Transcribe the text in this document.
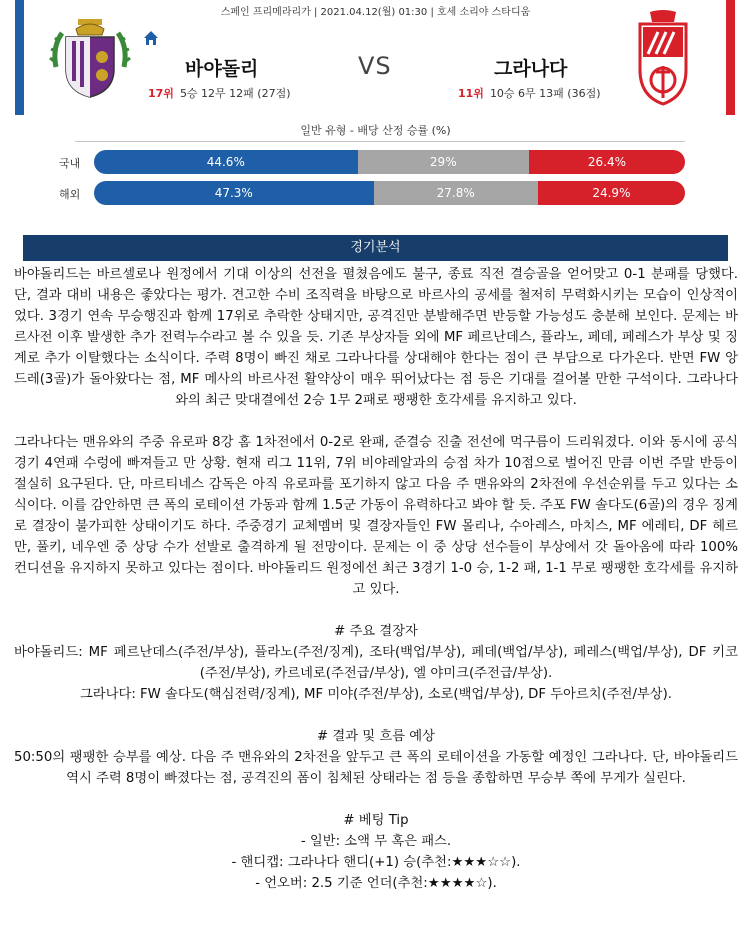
스페인 프리메라리가 | 2021.04.12(월) 01:30 | 호세 소리야 스타디움
바야돌리	VS	그라나다
17위 5승 12무 12패 (27점)	11위 10승 6무 13패 (36점)
일반 유형 - 배당 산정 승률 (%)
국내	44.6%	29%	26.4%
해외	47.3%	27.8%	24.9%
경기분석

바야돌리드는 바르셀로나 원정에서 기대 이상의 선전을 펼쳤음에도 불구, 종료 직전 결승골을 얻어맞고 0-1 분패를 당했다. 단, 결과 대비 내용은 좋았다는 평가. 견고한 수비 조직력을 바탕으로 바르사의 공세를 철저히 무력화시키는 모습이 인상적이었다. 3경기 연속 무승행진과 함께 17위로 추락한 상태지만, 공격진만 분발해주면 반등할 가능성도 충분해 보인다. 문제는 바르사전 이후 발생한 추가 전력누수라고 볼 수 있을 듯. 기존 부상자들 외에 MF 페르난데스, 플라노, 페데, 페레스가 부상 및 징계로 추가 이탈했다는 소식이다. 주력 8명이 빠진 채로 그라나다를 상대해야 한다는 점이 큰 부담으로 다가온다. 반면 FW 앙드레(3골)가 돌아왔다는 점, MF 메사의 바르사전 활약상이 매우 뛰어났다는 점 등은 기대를 걸어볼 만한 구석이다. 그라나다와의 최근 맞대결에선 2승 1무 2패로 팽팽한 호각세를 유지하고 있다.

그라나다는 맨유와의 주중 유로파 8강 홈 1차전에서 0-2로 완패, 준결승 진출 전선에 먹구름이 드리워졌다. 이와 동시에 공식경기 4연패 수렁에 빠져들고 만 상황. 현재 리그 11위, 7위 비야레알과의 승점 차가 10점으로 벌어진 만큼 이번 주말 반등이 절실히 요구된다. 단, 마르티네스 감독은 아직 유로파를 포기하지 않고 다음 주 맨유와의 2차전에 우선순위를 두고 있다는 소식이다. 이를 감안하면 큰 폭의 로테이션 가동과 함께 1.5군 가동이 유력하다고 봐야 할 듯. 주포 FW 솔다도(6골)의 경우 징계로 결장이 불가피한 상태이기도 하다. 주중경기 교체멤버 및 결장자들인 FW 몰리나, 수아레스, 마치스, MF 에레티, DF 헤르만, 풀키, 네우엔 중 상당 수가 선발로 출격하게 될 전망이다. 문제는 이 중 상당 선수들이 부상에서 갓 돌아옴에 따라 100% 컨디션을 유지하지 못하고 있다는 점이다. 바야돌리드 원정에선 최근 3경기 1-0 승, 1-2 패, 1-1 무로 팽팽한 호각세를 유지하고 있다.

# 주요 결장자

바야돌리드: MF 페르난데스(주전/부상), 플라노(주전/징계), 조타(백업/부상), 페데(백업/부상), 페레스(백업/부상), DF 키코(주전/부상), 카르네로(주전급/부상), 엘 야미크(주전급/부상).

그라나다: FW 솔다도(핵심전력/징계), MF 미야(주전/부상), 소로(백업/부상), DF 두아르치(주전/부상).

# 결과 및 흐름 예상

50:50의 팽팽한 승부를 예상. 다음 주 맨유와의 2차전을 앞두고 큰 폭의 로테이션을 가동할 예정인 그라나다. 단, 바야돌리드 역시 주력 8명이 빠졌다는 점, 공격진의 폼이 침체된 상태라는 점 등을 종합하면 무승부 쪽에 무게가 실린다.

# 베팅 Tip

- 일반: 소액 무 혹은 패스.

- 핸디캡: 그라나다 핸디(+1) 승(추천:★★★☆☆).

- 언오버: 2.5 기준 언더(추천:★★★★☆).
